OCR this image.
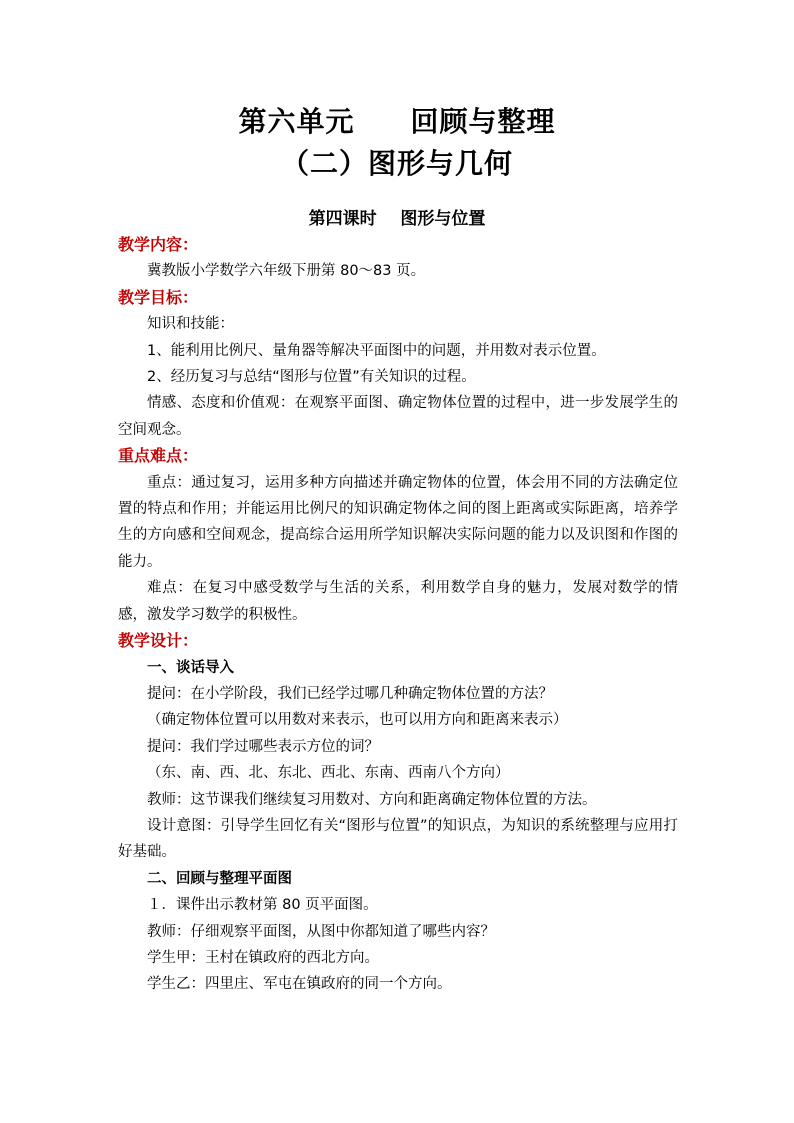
第六单元 回顾与整理
（二）图形与几何
第四课时    图形与位置
教学内容：
冀教版小学数学六年级下册第 80～83 页。
教学目标：
知识和技能：
1、能利用比例尺、量角器等解决平面图中的问题，并用数对表示位置。
2、经历复习与总结“图形与位置”有关知识的过程。
情感、态度和价值观：在观察平面图、确定物体位置的过程中，进一步发展学生的 空间观念。
重点难点：
重点：通过复习，运用多种方向描述并确定物体的位置，体会用不同的方法确定位置的特点和作用；并能运用比例尺的知识确定物体之间的图上距离或实际距离，培养学生的方向感和空间观念，提高综合运用所学知识解决实际问题的能力以及识图和作图的能力。
难点：在复习中感受数学与生活的关系，利用数学自身的魅力，发展对数学的情感，激发学习数学的积极性。
教学设计：
一、谈话导入
提问：在小学阶段，我们已经学过哪几种确定物体位置的方法？
（确定物体位置可以用数对来表示，也可以用方向和距离来表示）
提问：我们学过哪些表示方位的词？
（东、南、西、北、东北、西北、东南、西南八个方向）
教师：这节课我们继续复习用数对、方向和距离确定物体位置的方法。
设计意图：引导学生回忆有关“图形与位置”的知识点，为知识的系统整理与应用打好基础。
二、回顾与整理平面图
１．课件出示教材第 80 页平面图。
教师：仔细观察平面图，从图中你都知道了哪些内容？
学生甲：王村在镇政府的西北方向。
学生乙：四里庄、军屯在镇政府的同一个方向。
